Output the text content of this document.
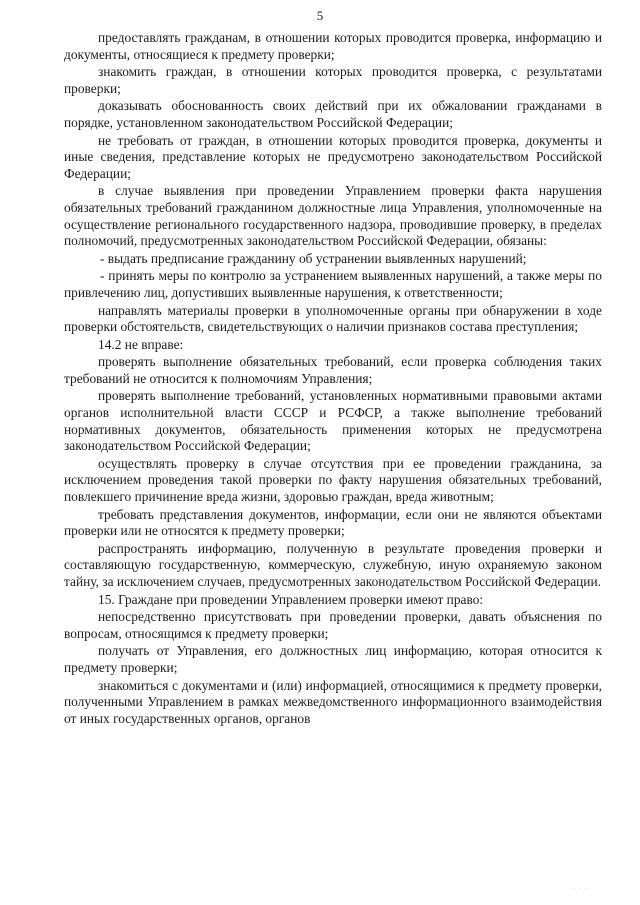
5

предоставлять гражданам, в отношении которых проводится проверка, информацию и документы, относящиеся к предмету проверки;

знакомить граждан, в отношении которых проводится проверка, с результатами проверки;

доказывать обоснованность своих действий при их обжаловании гражданами в порядке, установленном законодательством Российской Федерации;

не требовать от граждан, в отношении которых проводится проверка, документы и иные сведения, представление которых не предусмотрено законодательством Российской Федерации;

в случае выявления при проведении Управлением проверки факта нарушения обязательных требований гражданином должностные лица Управления, уполномоченные на осуществление регионального государственного надзора, проводившие проверку, в пределах полномочий, предусмотренных законодательством Российской Федерации, обязаны:

- выдать предписание гражданину об устранении выявленных нарушений;

- принять меры по контролю за устранением выявленных нарушений, а также меры по привлечению лиц, допустивших выявленные нарушения, к ответственности;

направлять материалы проверки в уполномоченные органы при обнаружении в ходе проверки обстоятельств, свидетельствующих о наличии признаков состава преступления;

14.2 не вправе:

проверять выполнение обязательных требований, если проверка соблюдения таких требований не относится к полномочиям Управления;

проверять выполнение требований, установленных нормативными правовыми актами органов исполнительной власти СССР и РСФСР, а также выполнение требований нормативных документов, обязательность применения которых не предусмотрена законодательством Российской Федерации;

осуществлять проверку в случае отсутствия при ее проведении гражданина, за исключением проведения такой проверки по факту нарушения обязательных требований, повлекшего причинение вреда жизни, здоровью граждан, вреда животным;

требовать представления документов, информации, если они не являются объектами проверки или не относятся к предмету проверки;

распространять информацию, полученную в результате проведения проверки и составляющую государственную, коммерческую, служебную, иную охраняемую законом тайну, за исключением случаев, предусмотренных законодательством Российской Федерации.

15. Граждане при проведении Управлением проверки имеют право:

непосредственно присутствовать при проведении проверки, давать объяснения по вопросам, относящимся к предмету проверки;

получать от Управления, его должностных лиц информацию, которая относится к предмету проверки;

знакомиться с документами и (или) информацией, относящимися к предмету проверки, полученными Управлением в рамках межведомственного информационного взаимодействия от иных государственных органов, органов

· · ·
